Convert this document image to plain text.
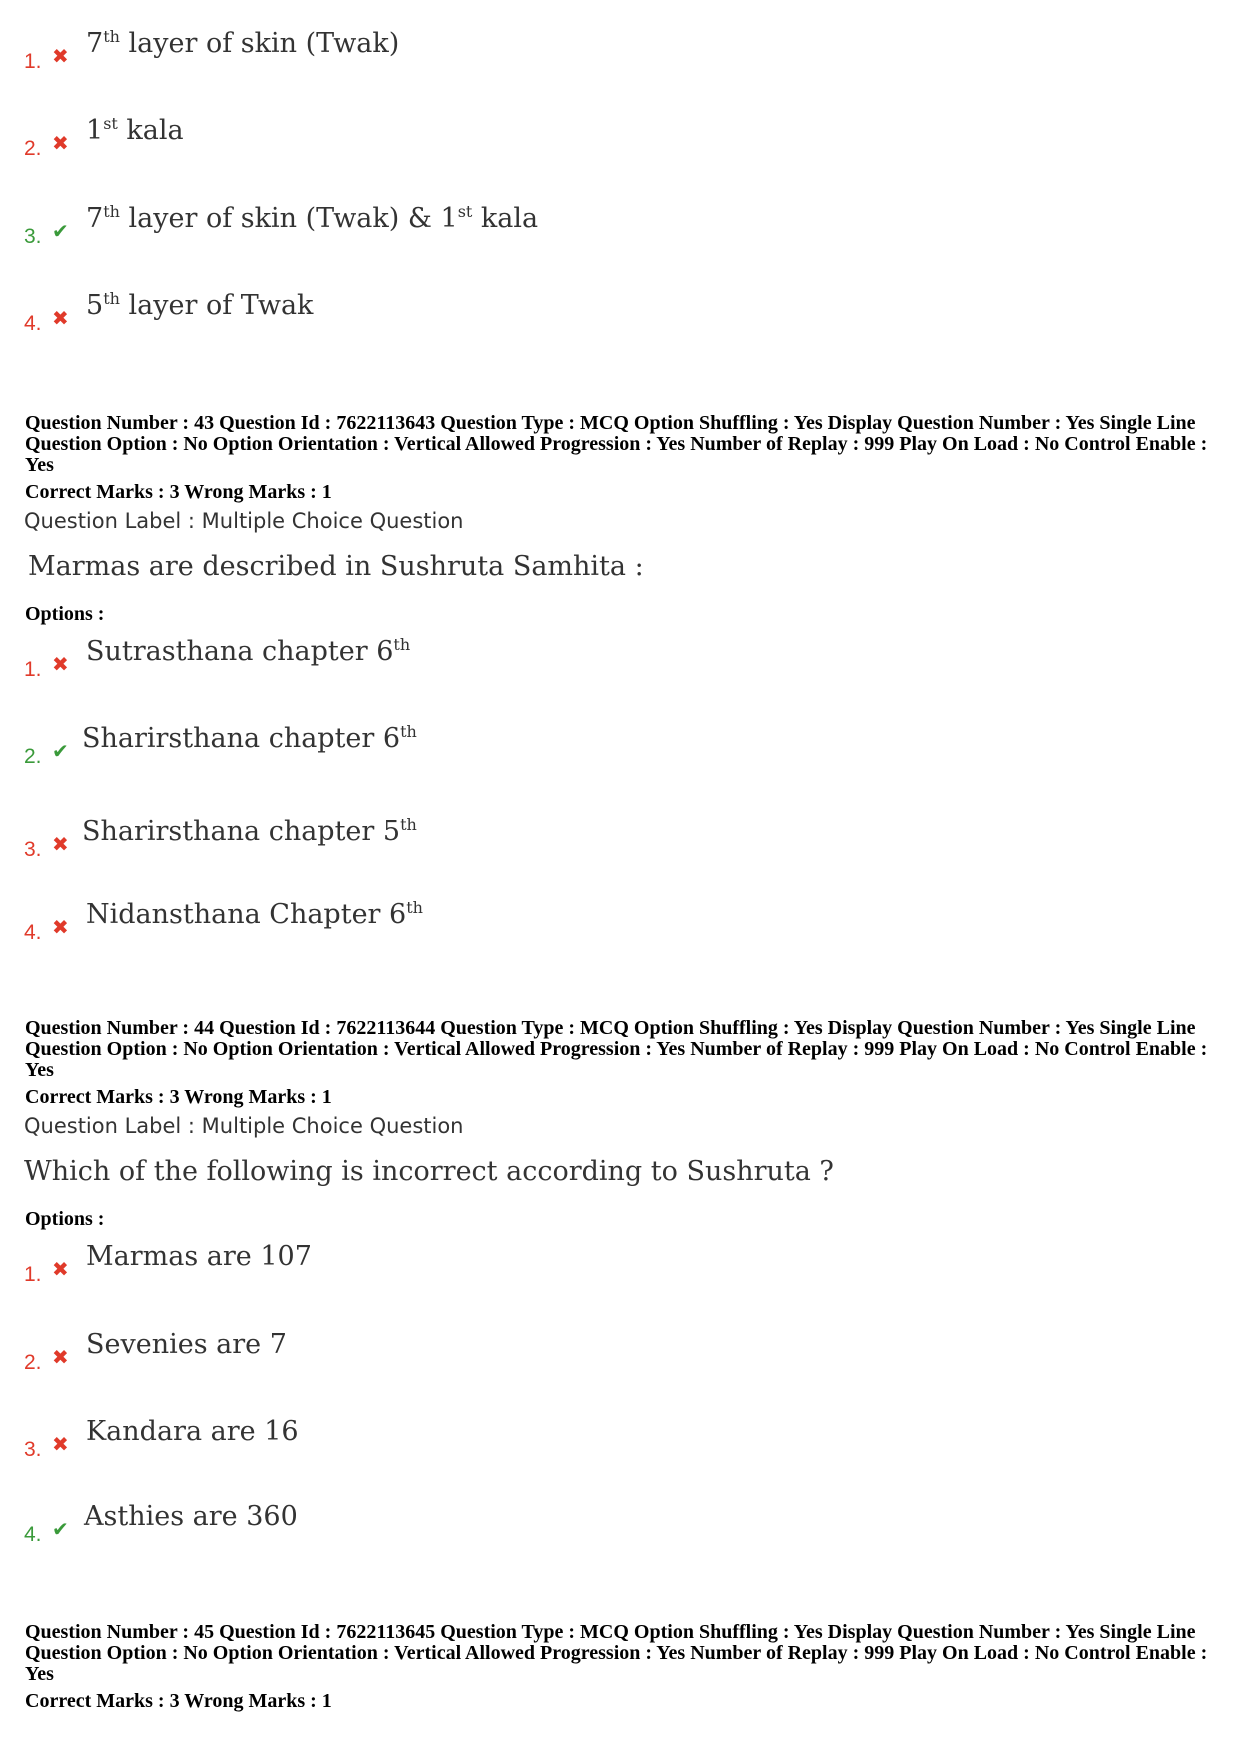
1. ✖ 7th layer of skin (Twak)
2. ✖ 1st kala
3. ✔ 7th layer of skin (Twak) & 1st kala
4. ✖ 5th layer of Twak
Question Number : 43 Question Id : 7622113643 Question Type : MCQ Option Shuffling : Yes Display Question Number : Yes Single Line Question Option : No Option Orientation : Vertical Allowed Progression : Yes Number of Replay : 999 Play On Load : No Control Enable : Yes
Correct Marks : 3 Wrong Marks : 1
Question Label : Multiple Choice Question
Marmas are described in Sushruta Samhita :
Options :
1. ✖ Sutrasthana chapter 6th
2. ✔ Sharirsthana chapter 6th
3. ✖ Sharirsthana chapter 5th
4. ✖ Nidansthana Chapter 6th
Question Number : 44 Question Id : 7622113644 Question Type : MCQ Option Shuffling : Yes Display Question Number : Yes Single Line Question Option : No Option Orientation : Vertical Allowed Progression : Yes Number of Replay : 999 Play On Load : No Control Enable : Yes
Correct Marks : 3 Wrong Marks : 1
Question Label : Multiple Choice Question
Which of the following is incorrect according to Sushruta ?
Options :
1. ✖ Marmas are 107
2. ✖ Sevenies are 7
3. ✖ Kandara are 16
4. ✔ Asthies are 360
Question Number : 45 Question Id : 7622113645 Question Type : MCQ Option Shuffling : Yes Display Question Number : Yes Single Line Question Option : No Option Orientation : Vertical Allowed Progression : Yes Number of Replay : 999 Play On Load : No Control Enable : Yes
Correct Marks : 3 Wrong Marks : 1
